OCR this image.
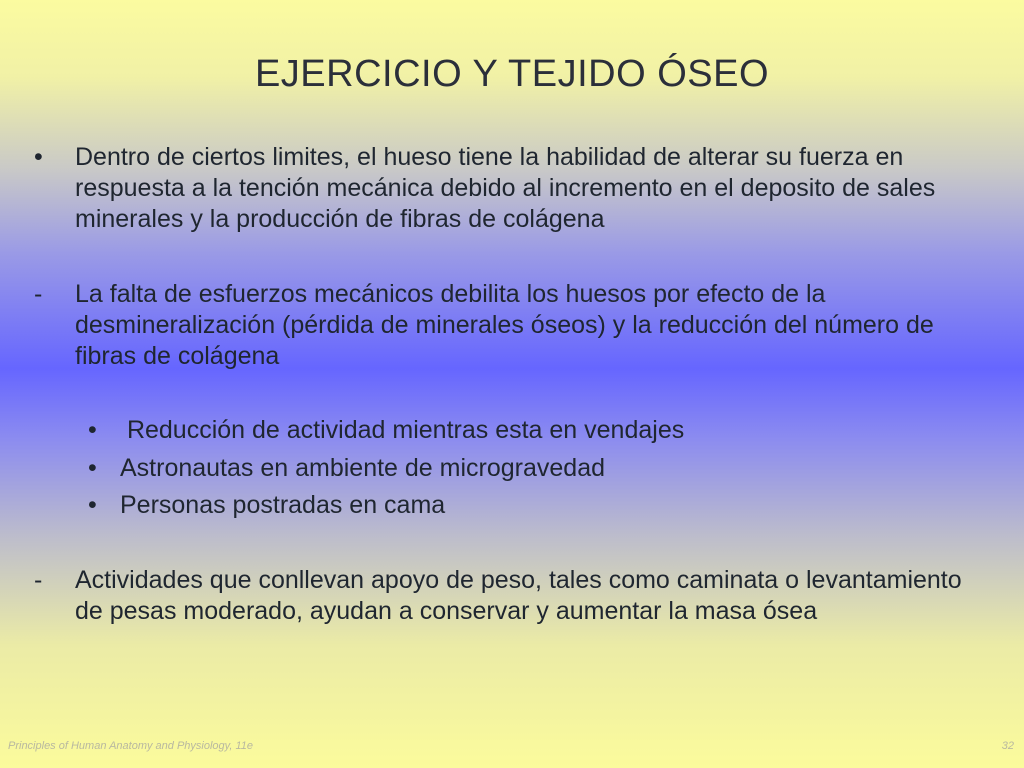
EJERCICIO Y TEJIDO ÓSEO
• Dentro de ciertos limites, el hueso tiene la habilidad de alterar su fuerza en respuesta a la tención mecánica debido al incremento en el deposito de sales minerales y la producción de fibras de colágena
- La falta de esfuerzos mecánicos debilita los huesos por efecto de la desmineralización (pérdida de minerales óseos) y la reducción del número de fibras de colágena
• Reducción de actividad mientras esta en vendajes
• Astronautas en ambiente de microgravedad
• Personas postradas en cama
- Actividades que conllevan apoyo de peso, tales como caminata o levantamiento de pesas moderado, ayudan a conservar y aumentar la masa ósea
Principles of Human Anatomy and Physiology, 11e	32
